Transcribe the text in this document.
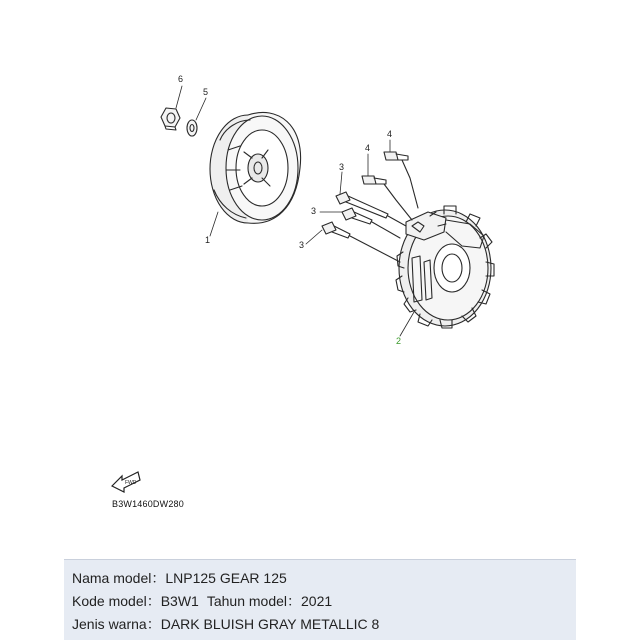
6
5
1
4
4
3
3
3
2
FWD
B3W1460DW280
Nama model：LNP125 GEAR 125
Kode model：B3W1 Tahun model：2021
Jenis warna：DARK BLUISH GRAY METALLIC 8
